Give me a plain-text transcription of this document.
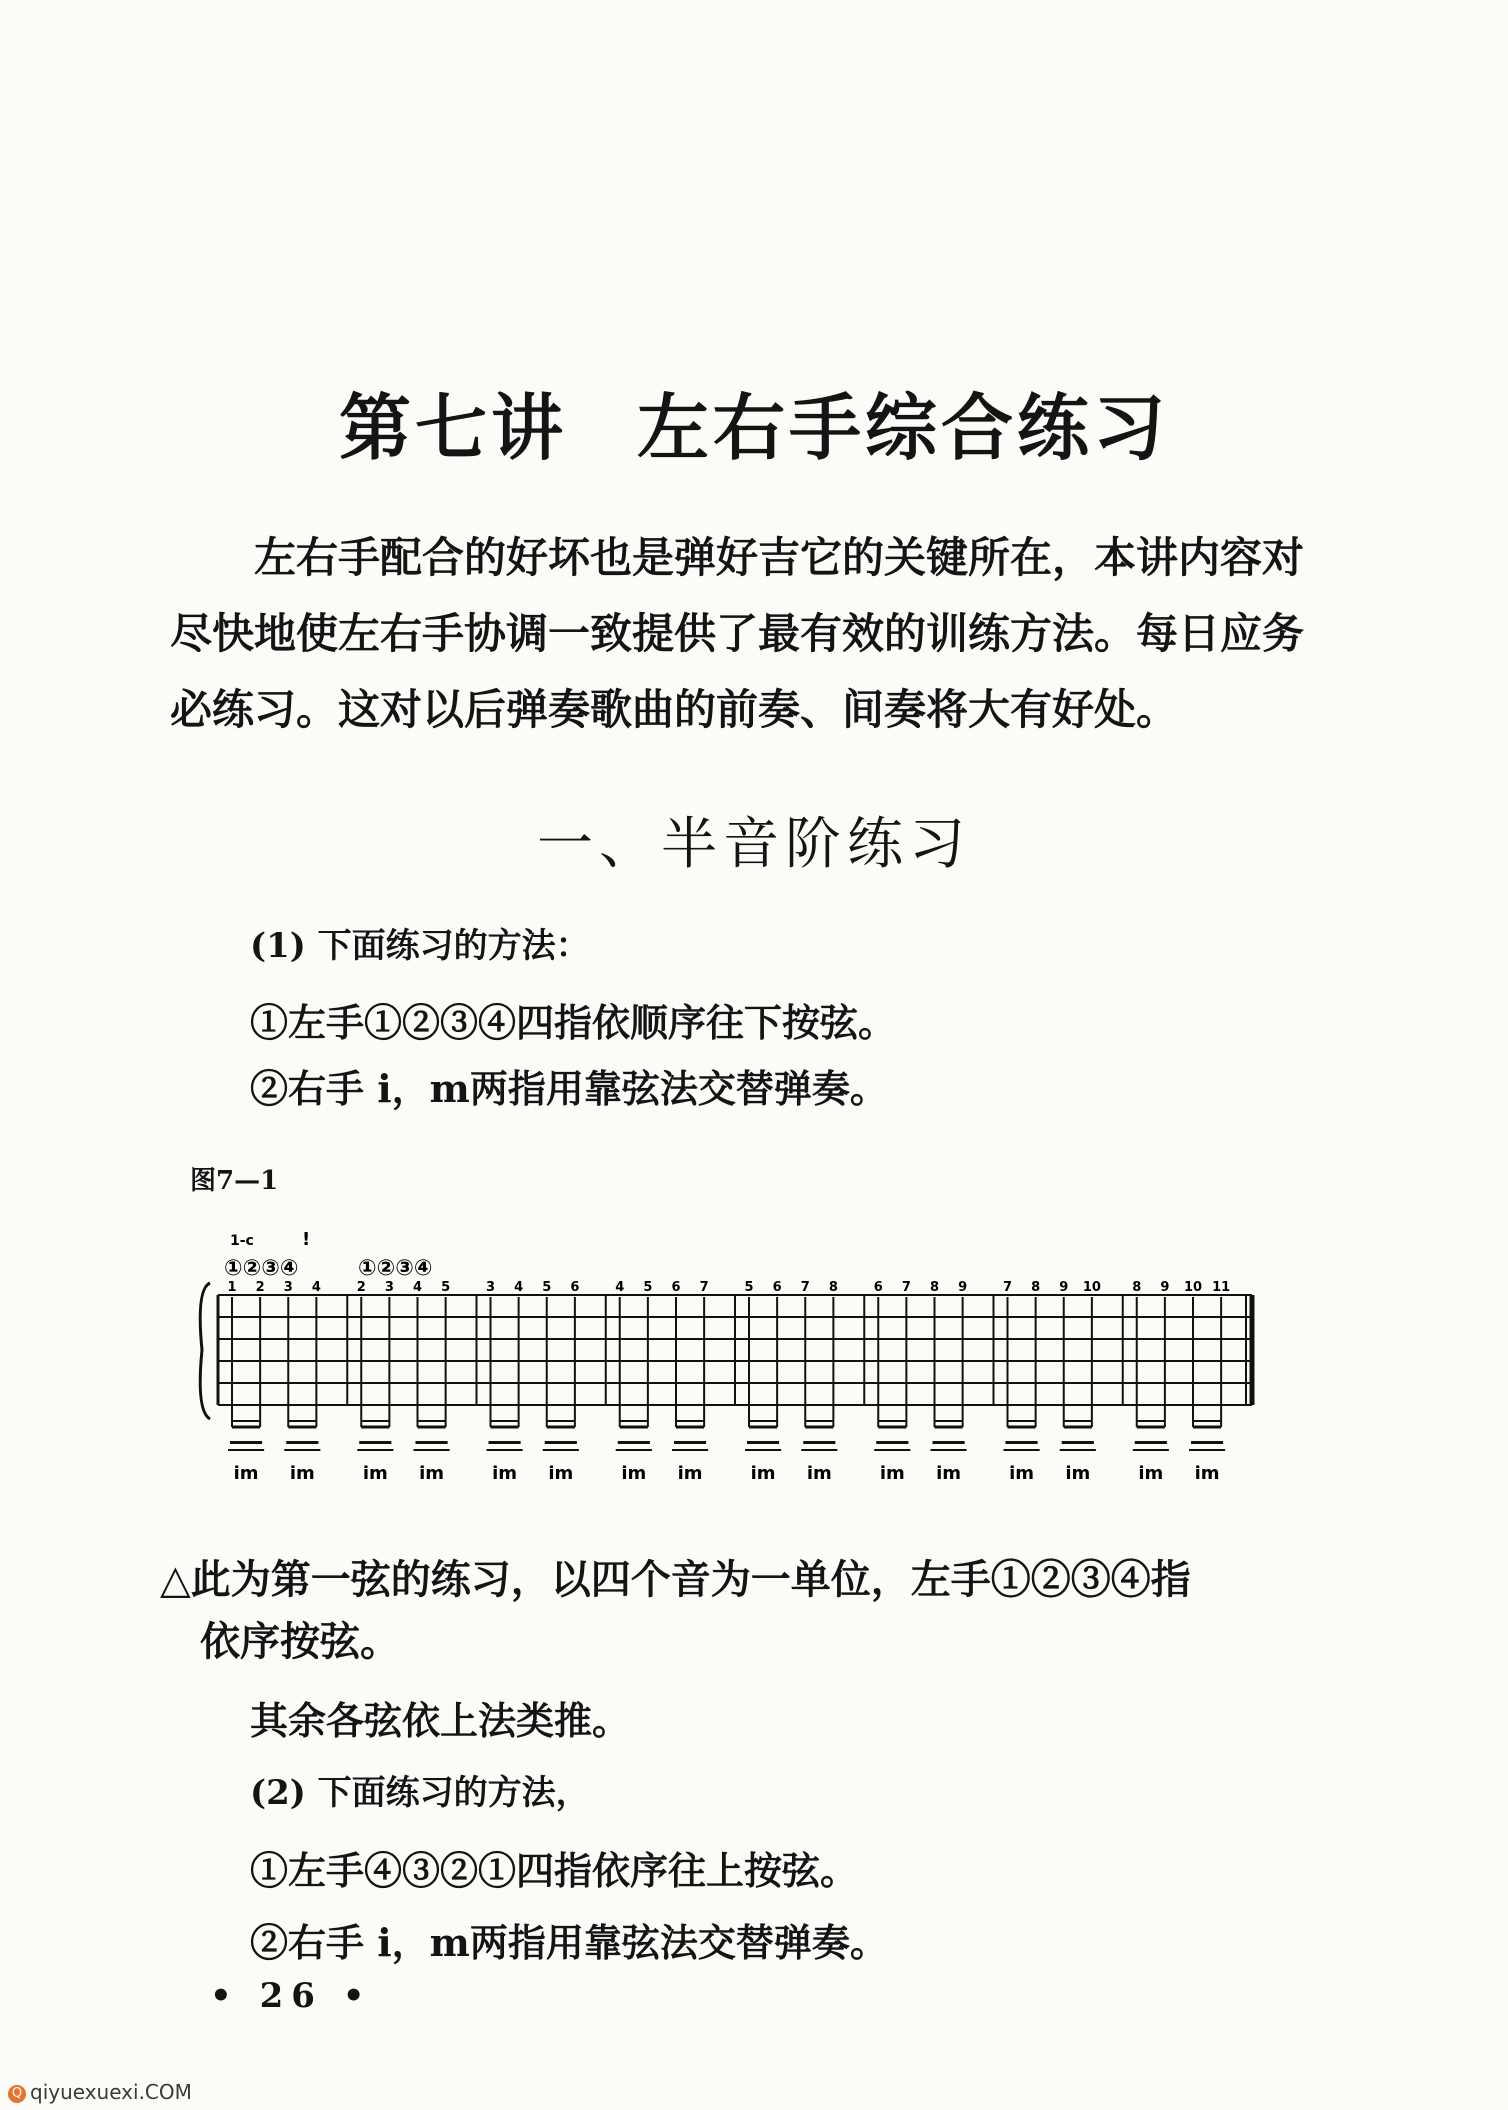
第七讲 左右手综合练习

左右手配合的好坏也是弹好吉它的关键所在，本讲内容对尽快地使左右手协调一致提供了最有效的训练方法。每日应务必练习。这对以后弹奏歌曲的前奏、间奏将大有好处。

一、半音阶练习
(1) 下面练习的方法：
①左手①②③④四指依顺序往下按弦。
②右手 i，m两指用靠弦法交替弹奏。
图7—1
1-c	!
①②③④	①②③④
1 2 3 4
im im
2 3 4 5
im im
3 4 5 6
im im
4 5 6 7
im im
5 6 7 8
im im
6 7 8 9
im im
7 8 9 10
im im
8 9 10 11
im im
△此为第一弦的练习，以四个音为一单位，左手①②③④指
依序按弦。
其余各弦依上法类推。
(2) 下面练习的方法，
①左手④③②①四指依序往上按弦。
②右手 i，m两指用靠弦法交替弹奏。
• 26 •
Q qiyuexuexi.COM
